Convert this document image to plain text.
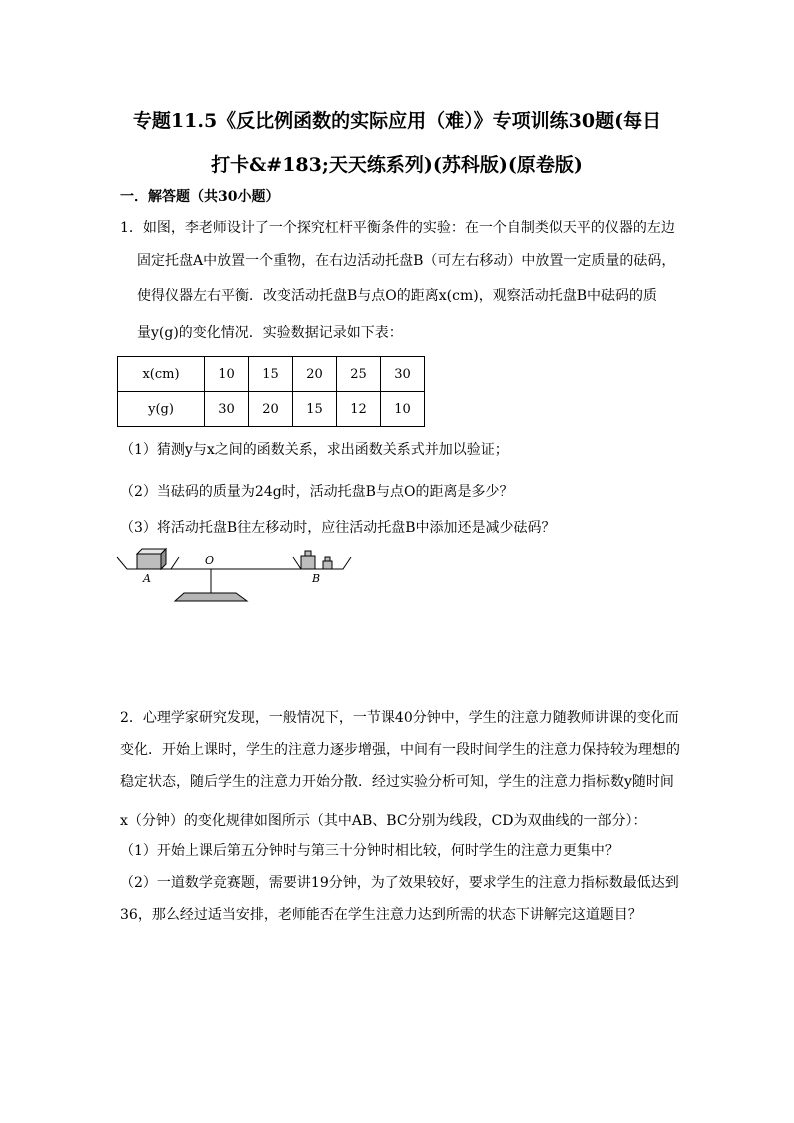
专题11.5《反比例函数的实际应用（难）》专项训练30题(每日
打卡&#183;天天练系列)(苏科版)(原卷版)
一．解答题（共30小题）
1．如图，李老师设计了一个探究杠杆平衡条件的实验：在一个自制类似天平的仪器的左边
固定托盘A中放置一个重物，在右边活动托盘B（可左右移动）中放置一定质量的砝码，
使得仪器左右平衡．改变活动托盘B与点O的距离x(cm)，观察活动托盘B中砝码的质
量y(g)的变化情况．实验数据记录如下表：
x(cm)	10	15	20	25	30
y(g)	30	20	15	12	10
（1）猜测y与x之间的函数关系，求出函数关系式并加以验证；
（2）当砝码的质量为24g时，活动托盘B与点O的距离是多少？
（3）将活动托盘B往左移动时，应往活动托盘B中添加还是减少砝码？
A
O
B
2．心理学家研究发现，一般情况下，一节课40分钟中，学生的注意力随教师讲课的变化而
变化．开始上课时，学生的注意力逐步增强，中间有一段时间学生的注意力保持较为理想的
稳定状态，随后学生的注意力开始分散．经过实验分析可知，学生的注意力指标数y随时间
x（分钟）的变化规律如图所示（其中AB、BC分别为线段，CD为双曲线的一部分）：
（1）开始上课后第五分钟时与第三十分钟时相比较，何时学生的注意力更集中？
（2）一道数学竞赛题，需要讲19分钟，为了效果较好，要求学生的注意力指标数最低达到
36，那么经过适当安排，老师能否在学生注意力达到所需的状态下讲解完这道题目？
